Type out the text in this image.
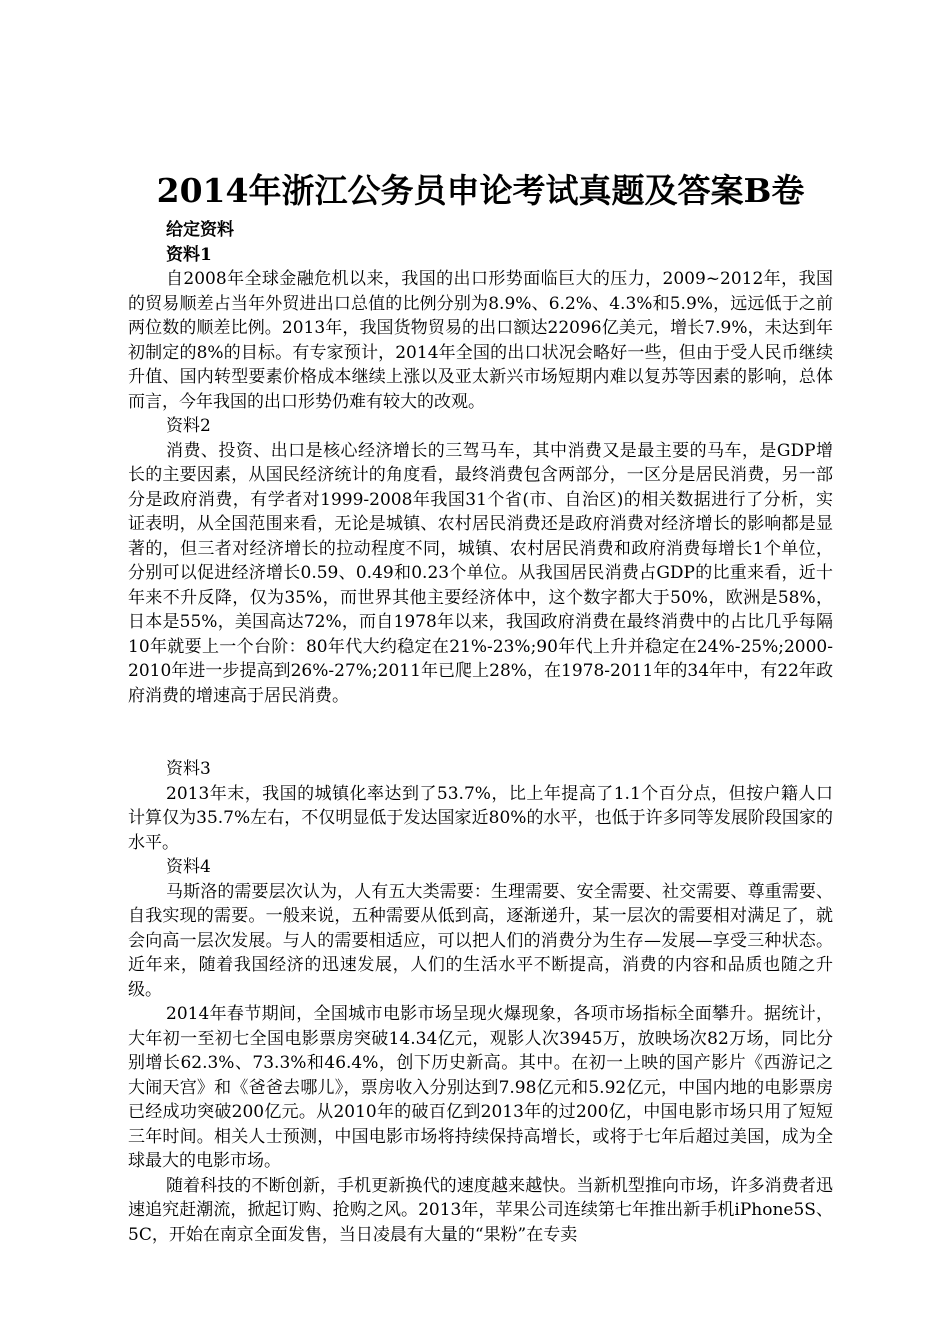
2014年浙江公务员申论考试真题及答案B卷

给定资料

资料1

自2008年全球金融危机以来，我国的出口形势面临巨大的压力，2009~2012年，我国的贸易顺差占当年外贸进出口总值的比例分别为8.9%、6.2%、4.3%和5.9%，远远低于之前两位数的顺差比例。2013年，我国货物贸易的出口额达22096亿美元，增长7.9%，未达到年初制定的8%的目标。有专家预计，2014年全国的出口状况会略好一些，但由于受人民币继续升值、国内转型要素价格成本继续上涨以及亚太新兴市场短期内难以复苏等因素的影响，总体而言，今年我国的出口形势仍难有较大的改观。

资料2

消费、投资、出口是核心经济增长的三驾马车，其中消费又是最主要的马车，是GDP增长的主要因素，从国民经济统计的角度看，最终消费包含两部分，一区分是居民消费，另一部分是政府消费，有学者对1999-2008年我国31个省(市、自治区)的相关数据进行了分析，实证表明，从全国范围来看，无论是城镇、农村居民消费还是政府消费对经济增长的影响都是显著的，但三者对经济增长的拉动程度不同，城镇、农村居民消费和政府消费每增长1个单位，分别可以促进经济增长0.59、0.49和0.23个单位。从我国居民消费占GDP的比重来看，近十年来不升反降，仅为35%，而世界其他主要经济体中，这个数字都大于50%，欧洲是58%，日本是55%，美国高达72%，而自1978年以来，我国政府消费在最终消费中的占比几乎每隔10年就要上一个台阶：80年代大约稳定在21%-23%;90年代上升并稳定在24%-25%;2000-2010年进一步提高到26%-27%;2011年已爬上28%，在1978-2011年的34年中，有22年政府消费的增速高于居民消费。

资料3

2013年末，我国的城镇化率达到了53.7%，比上年提高了1.1个百分点，但按户籍人口计算仅为35.7%左右，不仅明显低于发达国家近80%的水平，也低于许多同等发展阶段国家的水平。

资料4

马斯洛的需要层次认为，人有五大类需要：生理需要、安全需要、社交需要、尊重需要、自我实现的需要。一般来说，五种需要从低到高，逐渐递升，某一层次的需要相对满足了，就会向高一层次发展。与人的需要相适应，可以把人们的消费分为生存—发展—享受三种状态。近年来，随着我国经济的迅速发展，人们的生活水平不断提高，消费的内容和品质也随之升级。

2014年春节期间，全国城市电影市场呈现火爆现象，各项市场指标全面攀升。据统计，大年初一至初七全国电影票房突破14.34亿元，观影人次3945万，放映场次82万场，同比分别增长62.3%、73.3%和46.4%，创下历史新高。其中。在初一上映的国产影片《西游记之大闹天宫》和《爸爸去哪儿》，票房收入分别达到7.98亿元和5.92亿元，中国内地的电影票房已经成功突破200亿元。从2010年的破百亿到2013年的过200亿，中国电影市场只用了短短三年时间。相关人士预测，中国电影市场将持续保持高增长，或将于七年后超过美国，成为全球最大的电影市场。

随着科技的不断创新，手机更新换代的速度越来越快。当新机型推向市场，许多消费者迅速追究赶潮流，掀起订购、抢购之风。2013年，苹果公司连续第七年推出新手机iPhone5S、5C，开始在南京全面发售，当日凌晨有大量的“果粉”在专卖
